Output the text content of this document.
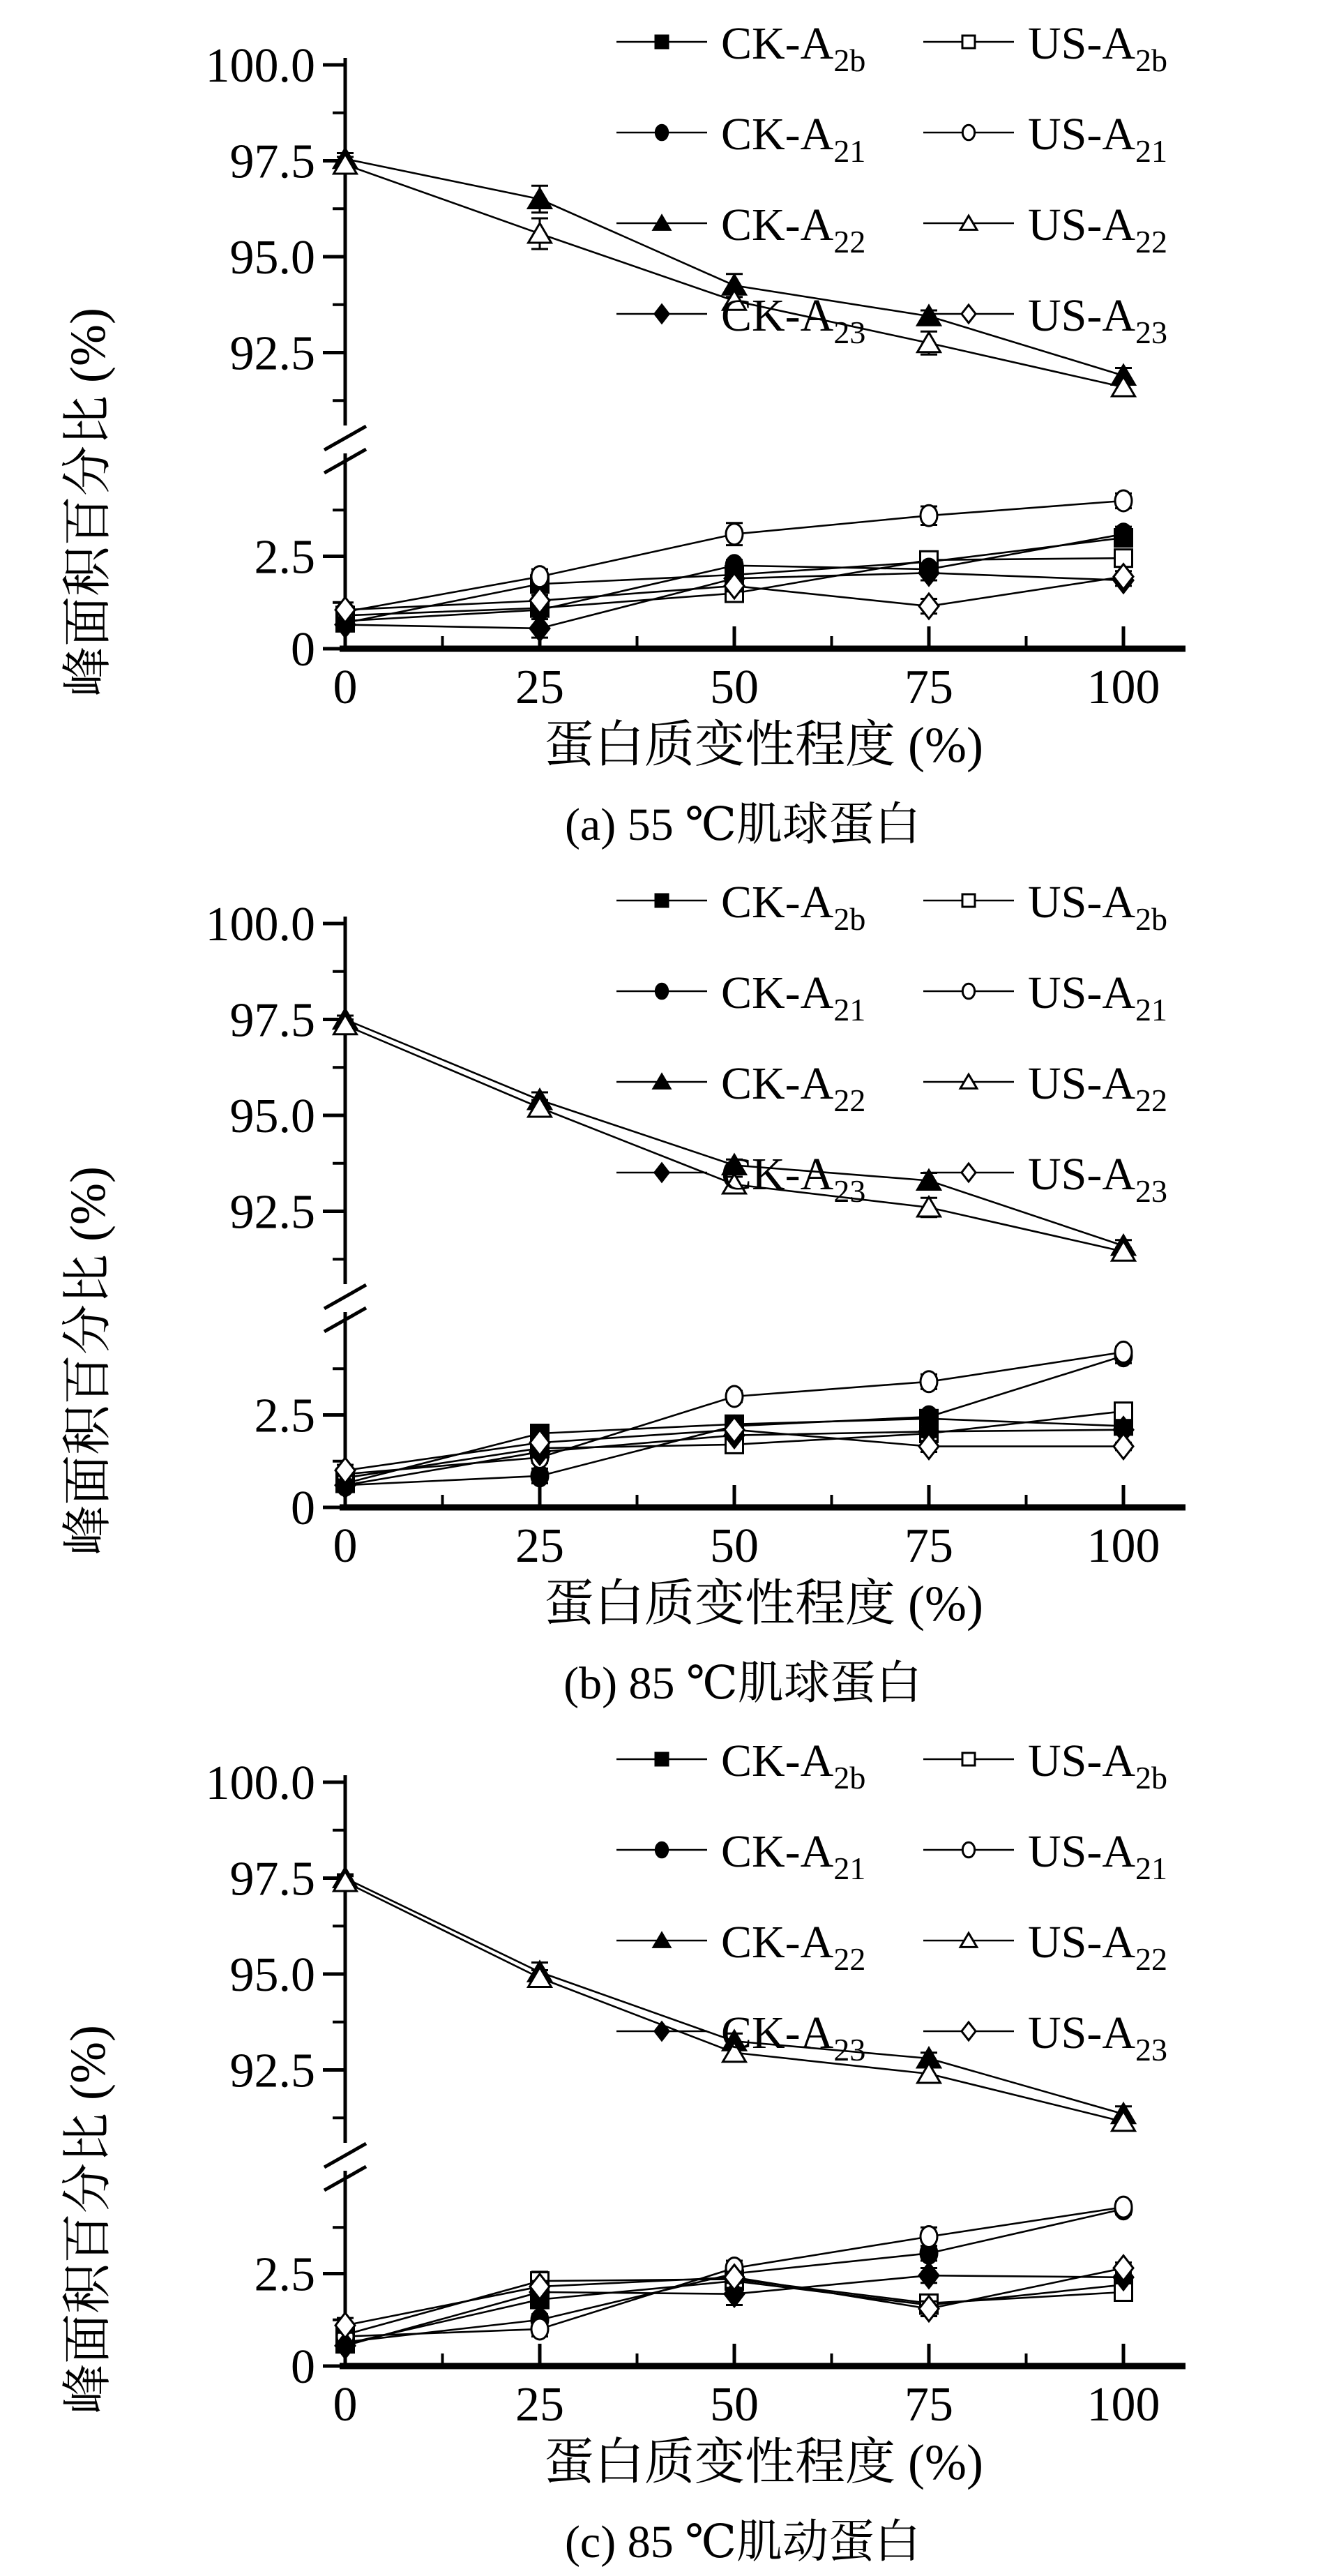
100.0
97.5
95.0
92.5
2.5
0
0	25	50	75	100
峰面积百分比 (%)
蛋白质变性程度 (%)
(a) 55 ℃肌球蛋白
$CK-A_{2b}$	$US-A_{2b}$
$CK-A_{21}$	$US-A_{21}$
$CK-A_{22}$	$US-A_{22}$
$CK-A_{23}$	$US-A_{23}$
100.0
97.5
95.0
92.5
2.5
0
0	25	50	75	100
峰面积百分比 (%)
蛋白质变性程度 (%)
(b) 85 ℃肌球蛋白
$CK-A_{2b}$	$US-A_{2b}$
$CK-A_{21}$	$US-A_{21}$
$CK-A_{22}$	$US-A_{22}$
$CK-A_{23}$	$US-A_{23}$
100.0
97.5
95.0
92.5
2.5
0
0	25	50	75	100
峰面积百分比 (%)
蛋白质变性程度 (%)
(c) 85 ℃肌动蛋白
$CK-A_{2b}$	$US-A_{2b}$
$CK-A_{21}$	$US-A_{21}$
$CK-A_{22}$	$US-A_{22}$
$CK-A_{23}$	$US-A_{23}$
